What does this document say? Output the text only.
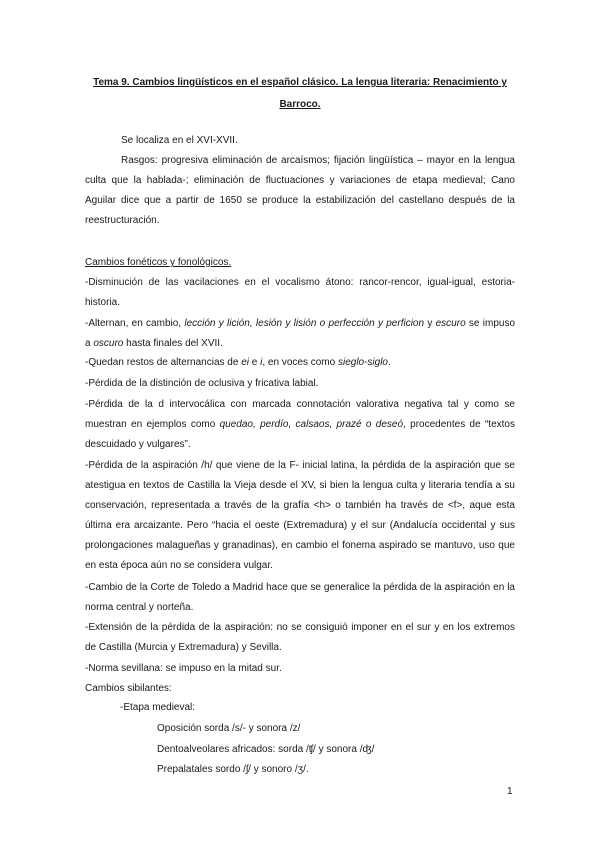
Tema 9. Cambios lingüísticos en el español clásico. La lengua literaria: Renacimiento y
Barroco.
Se localiza en el XVI-XVII.
Rasgos: progresiva eliminación de arcaísmos; fijación lingüística – mayor en la lengua culta que la hablada-; eliminación de fluctuaciones y variaciones de etapa medieval; Cano Aguilar dice que a partir de 1650 se produce la estabilización del castellano después de la reestructuración.
Cambios fonéticos y fonológicos.
-Disminución de las vacilaciones en el vocalismo átono: rancor-rencor, igual-igual, estoria-historia.
-Alternan, en cambio, lección y lición, lesión y lisión o perfección y perficion y escuro se impuso a oscuro hasta finales del XVII.
-Quedan restos de alternancias de ei e i, en voces como sieglo-siglo.
-Pérdida de la distinción de oclusiva y fricativa labial.
-Pérdida de la d intervocálica con marcada connotación valorativa negativa tal y como se muestran en ejemplos como quedao, perdío, calsaos, prazé o deseó, procedentes de “textos descuidado y vulgares”.
-Pérdida de la aspiración /h/ que viene de la F- inicial latina, la pérdida de la aspiración que se atestigua en textos de Castilla la Vieja desde el XV, si bien la lengua culta y literaria tendía a su conservación, representada a través de la grafía <h> o también ha través de <f>, aque esta última era arcaizante. Pero “hacia el oeste (Extremadura) y el sur (Andalucía occidental y sus prolongaciones malagueñas y granadinas), en cambio el fonema aspirado se mantuvo, uso que en esta época aún no se considera vulgar.
-Cambio de la Corte de Toledo a Madrid hace que se generalice la pérdida de la aspiración en la norma central y norteña.
-Extensión de la pérdida de la aspiración: no se consiguió imponer en el sur y en los extremos de Castilla (Murcia y Extremadura) y Sevilla.
-Norma sevillana: se impuso en la mitad sur.
Cambios sibilantes:
-Etapa medieval:
Oposición sorda /s/- y sonora /z/
Dentoalveolares africados: sorda /ʧ/ y sonora /ʤ/
Prepalatales sordo /ʃ/ y sonoro /ʒ/.
1
